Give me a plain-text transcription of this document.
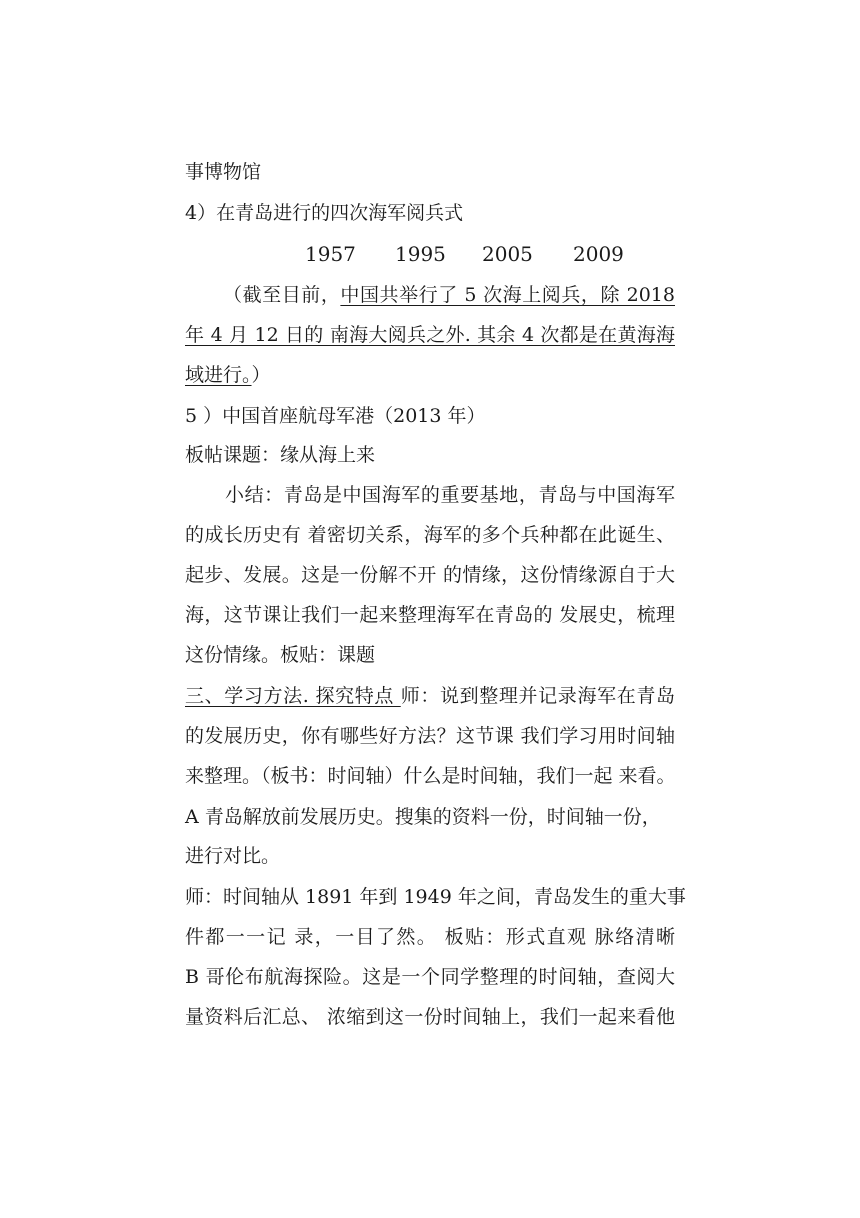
事博物馆
4）在青岛进行的四次海军阅兵式
1957 1995 2005 2009
（截至目前，中国共举行了 5 次海上阅兵，除 2018
年 4 月 12 日的 南海大阅兵之外. 其余 4 次都是在黄海海
域进行。）
5 ）中国首座航母军港（2013 年）
板帖课题：缘从海上来
小结：青岛是中国海军的重要基地，青岛与中国海军
的成长历史有 着密切关系，海军的多个兵种都在此诞生、
起步、发展。这是一份解不开 的情缘，这份情缘源自于大
海，这节课让我们一起来整理海军在青岛的 发展史，梳理
这份情缘。板贴：课题
三、学习方法. 探究特点 师：说到整理并记录海军在青岛
的发展历史，你有哪些好方法？这节课 我们学习用时间轴
来整理。（板书：时间轴）什么是时间轴，我们一起 来看。
A 青岛解放前发展历史。搜集的资料一份，时间轴一份，
进行对比。
师：时间轴从 1891 年到 1949 年之间，青岛发生的重大事
件都一一记 录，一目了然。 板贴：形式直观 脉络清晰
B 哥伦布航海探险。这是一个同学整理的时间轴，查阅大
量资料后汇总、 浓缩到这一份时间轴上，我们一起来看他
